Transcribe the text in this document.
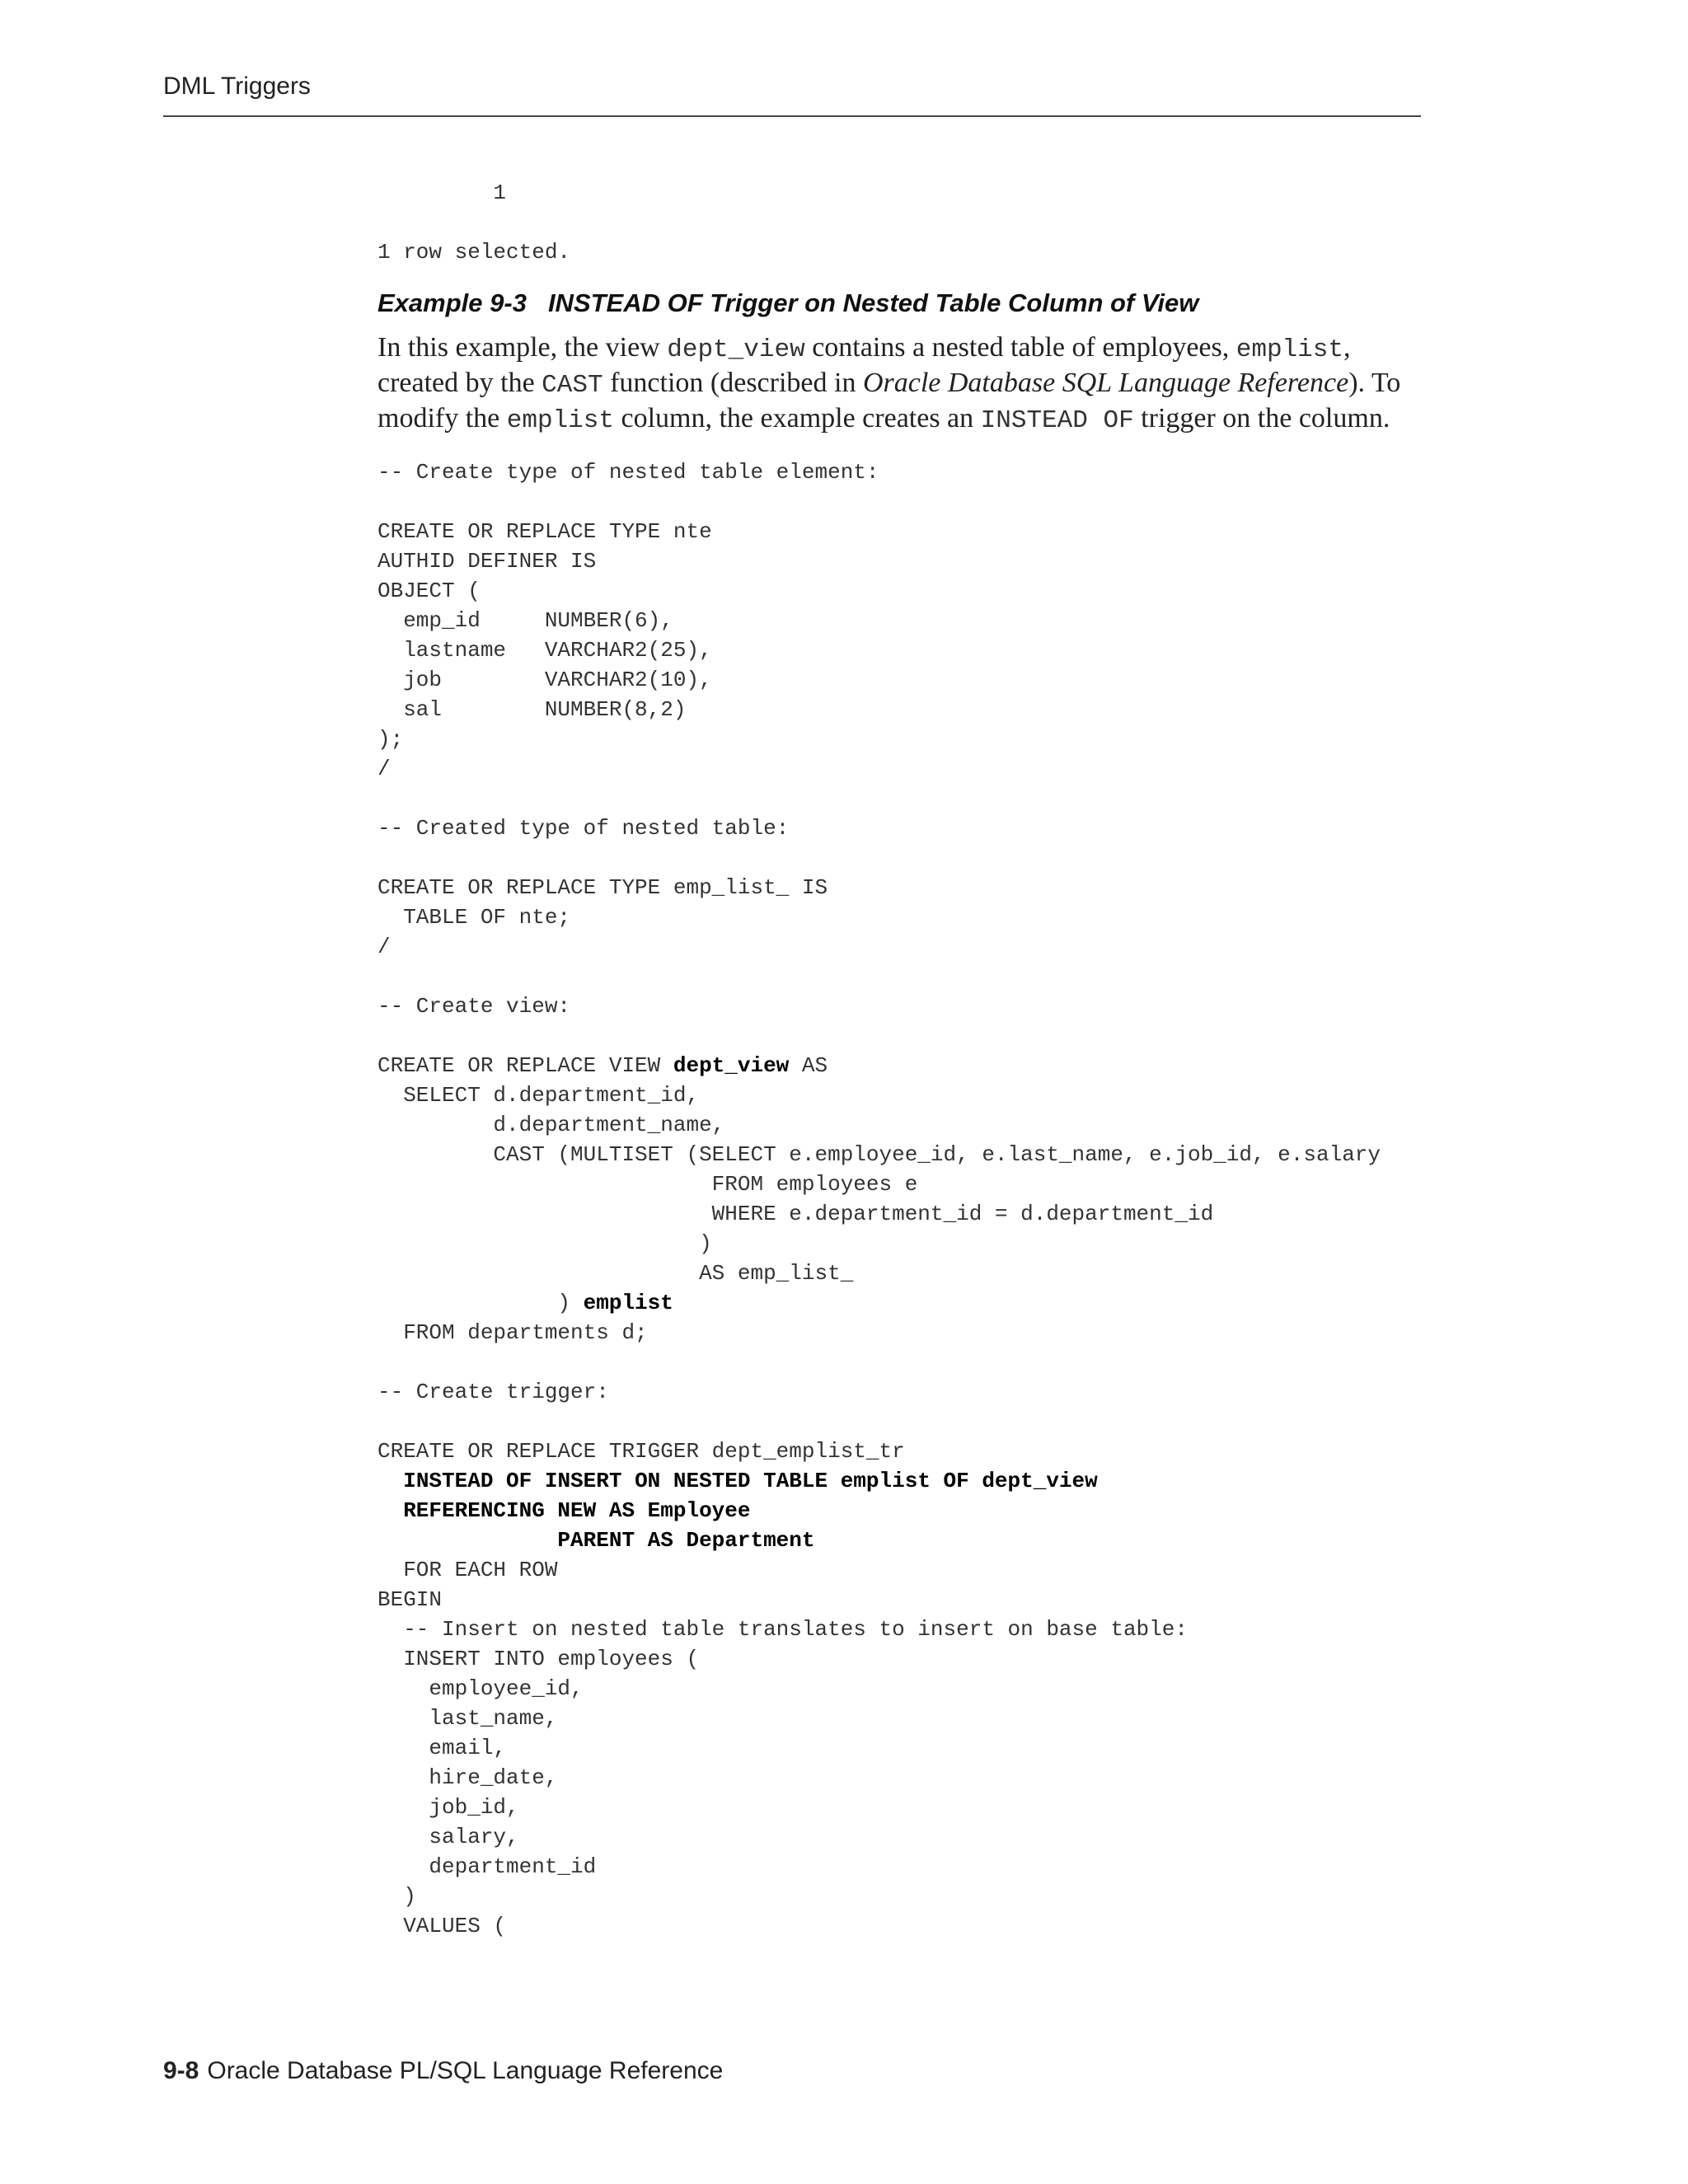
DML Triggers
1

1 row selected.
Example 9-3 INSTEAD OF Trigger on Nested Table Column of View

In this example, the view dept_view contains a nested table of employees, emplist, created by the CAST function (described in Oracle Database SQL Language Reference). To modify the emplist column, the example creates an INSTEAD OF trigger on the column.

-- Create type of nested table element:

CREATE OR REPLACE TYPE nte
AUTHID DEFINER IS
OBJECT (
emp_id     NUMBER(6),
lastname   VARCHAR2(25),
job        VARCHAR2(10),
sal        NUMBER(8,2)
);
/

-- Created type of nested table:

CREATE OR REPLACE TYPE emp_list_ IS
TABLE OF nte;
/

-- Create view:

CREATE OR REPLACE VIEW dept_view AS
SELECT d.department_id,
d.department_name,
CAST (MULTISET (SELECT e.employee_id, e.last_name, e.job_id, e.salary
FROM employees e
WHERE e.department_id = d.department_id
)
AS emp_list_
) emplist
FROM departments d;

-- Create trigger:

CREATE OR REPLACE TRIGGER dept_emplist_tr
INSTEAD OF INSERT ON NESTED TABLE emplist OF dept_view
REFERENCING NEW AS Employee
PARENT AS Department
FOR EACH ROW
BEGIN
-- Insert on nested table translates to insert on base table:
INSERT INTO employees (
employee_id,
last_name,
email,
hire_date,
job_id,
salary,
department_id
)
VALUES (
9-8 Oracle Database PL/SQL Language Reference
